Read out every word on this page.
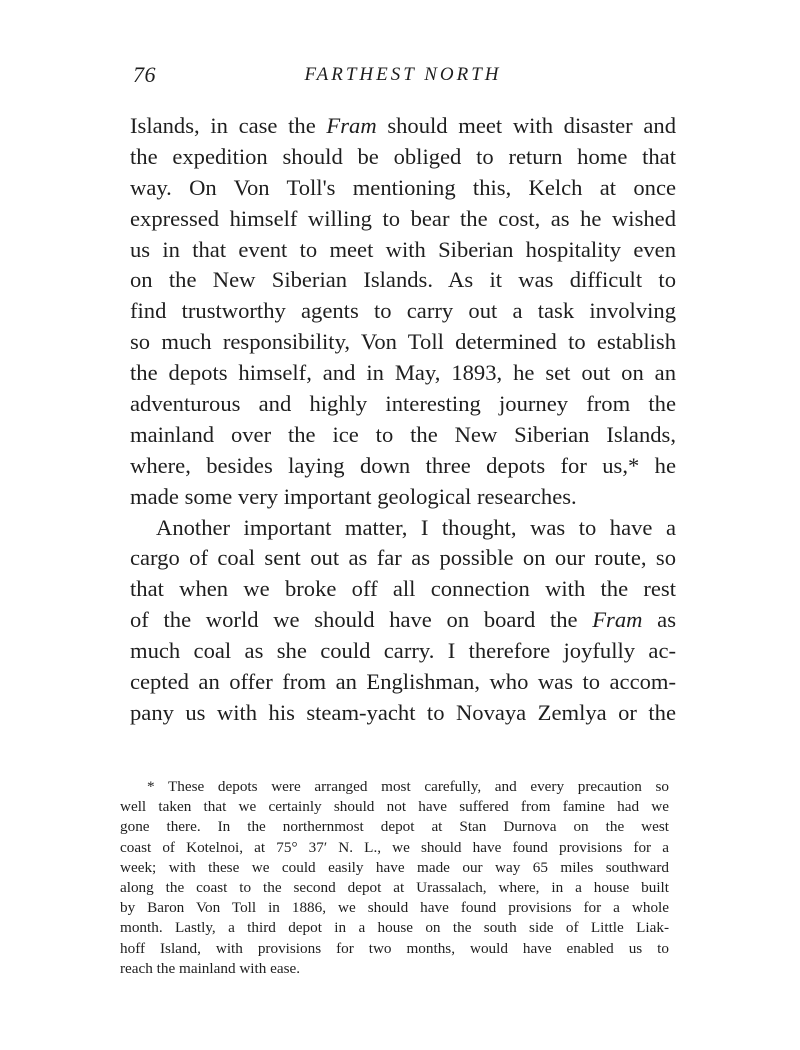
76	FARTHEST NORTH
Islands, in case the Fram should meet with disaster and
the expedition should be obliged to return home that
way. On Von Toll's mentioning this, Kelch at once
expressed himself willing to bear the cost, as he wished
us in that event to meet with Siberian hospitality even
on the New Siberian Islands. As it was difficult to
find trustworthy agents to carry out a task involving
so much responsibility, Von Toll determined to establish
the depots himself, and in May, 1893, he set out on an
adventurous and highly interesting journey from the
mainland over the ice to the New Siberian Islands,
where, besides laying down three depots for us,* he
made some very important geological researches.
Another important matter, I thought, was to have a
cargo of coal sent out as far as possible on our route, so
that when we broke off all connection with the rest
of the world we should have on board the Fram as
much coal as she could carry. I therefore joyfully ac-
cepted an offer from an Englishman, who was to accom-
pany us with his steam-yacht to Novaya Zemlya or the
* These depots were arranged most carefully, and every precaution so
well taken that we certainly should not have suffered from famine had we
gone there. In the northernmost depot at Stan Durnova on the west
coast of Kotelnoi, at 75° 37′ N. L., we should have found provisions for a
week; with these we could easily have made our way 65 miles southward
along the coast to the second depot at Urassalach, where, in a house built
by Baron Von Toll in 1886, we should have found provisions for a whole
month. Lastly, a third depot in a house on the south side of Little Liak-
hoff Island, with provisions for two months, would have enabled us to
reach the mainland with ease.
